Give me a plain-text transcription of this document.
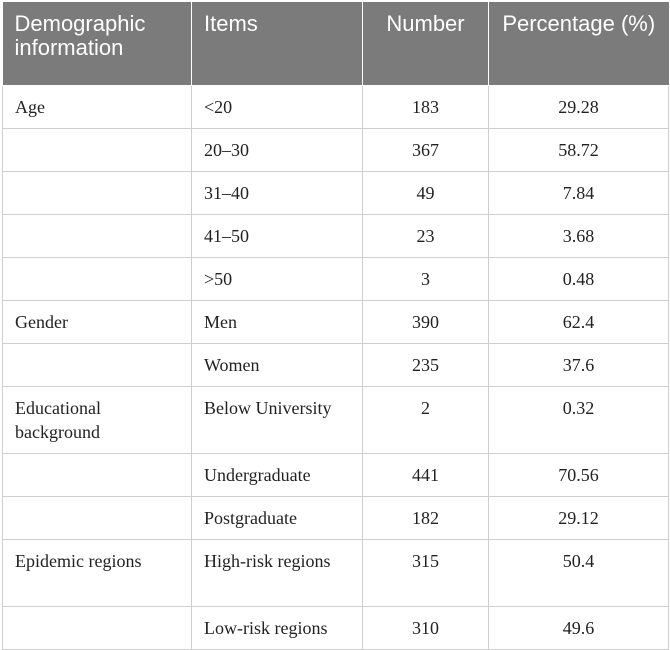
Demographic information	Items	Number	Percentage (%)
Age	<20	183	29.28
	20–30	367	58.72
	31–40	49	7.84
	41–50	23	3.68
	>50	3	0.48
Gender	Men	390	62.4
	Women	235	37.6
Educational background	Below University	2	0.32
	Undergraduate	441	70.56
	Postgraduate	182	29.12
Epidemic regions	High-risk regions	315	50.4
	Low-risk regions	310	49.6
